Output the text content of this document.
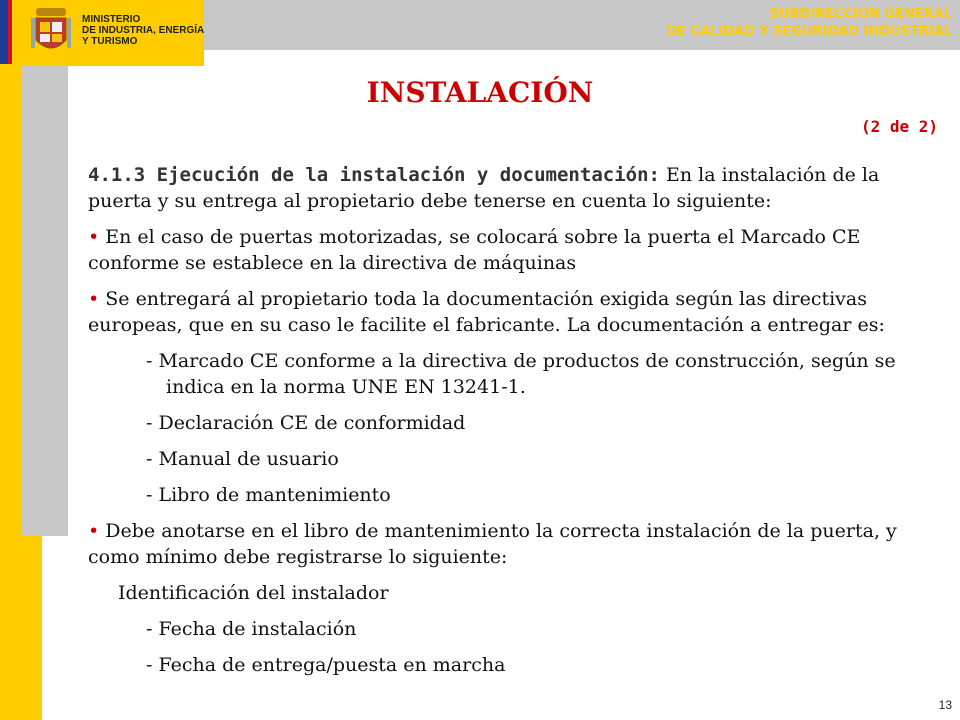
MINISTERIO
DE INDUSTRIA, ENERGÍA
Y TURISMO
SUBDIRECCIÓN GENERAL
DE CALIDAD Y SEGURIDAD INDUSTRIAL
INSTALACIÓN
(2 de 2)

4.1.3 Ejecución de la instalación y documentación: En la instalación de la puerta y su entrega al propietario debe tenerse en cuenta lo siguiente:

• En el caso de puertas motorizadas, se colocará sobre la puerta el Marcado CE conforme se establece en la directiva de máquinas

• Se entregará al propietario toda la documentación exigida según las directivas europeas, que en su caso le facilite el fabricante. La documentación a entregar es:

- Marcado CE conforme a la directiva de productos de construcción, según se indica en la norma UNE EN 13241-1.

- Declaración CE de conformidad

- Manual de usuario

- Libro de mantenimiento

• Debe anotarse en el libro de mantenimiento la correcta instalación de la puerta, y como mínimo debe registrarse lo siguiente:

Identificación del instalador

- Fecha de instalación

- Fecha de entrega/puesta en marcha

13
